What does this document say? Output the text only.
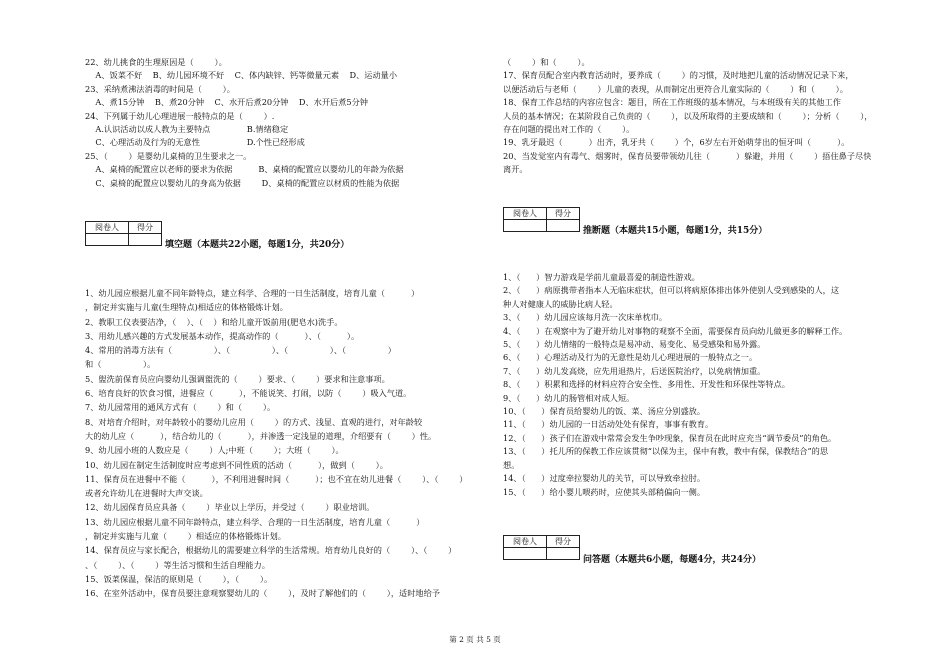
22、幼儿挑食的生理原因是（        ）。
A、饭菜不好    B、幼儿园环境不好    C、体内缺锌、钙等微量元素    D、运动量小
23、采纳煮沸法消毒的时间是（        ）。
A、煮15分钟    B、煮20分钟    C、水开后煮20分钟    D、水开后煮5分钟
24、下列属于幼儿心理进展一般特点的是（        ）.
A.认识活动以成人教为主要特点              B.情绪稳定
C、心理活动及行为的无意性                  D.个性已经形成
25、（        ）是婴幼儿桌椅的卫生要求之一。
A、桌椅的配置应以老师的要求为依据          B、桌椅的配置应以婴幼儿的年龄为依据
C、桌椅的配置应以婴幼儿的身高为依据        D、桌椅的配置应以材质的性能为依据
阅卷人	得分

填空题（本题共22小题，每题1分，共20分）
1、幼儿园应根据儿童不同年龄特点，建立科学、合理的一日生活制度，培育儿童（          ）
，制定并实施与儿童(生理特点)相适应的体格锻炼计划。
2、教职工仪表要洁净，（    ）、（    ）和给儿童开饭前用(肥皂水)洗手。
3、用幼儿感兴趣的方式发展基本动作，提高动作的（          ）、（          ）。
4、常用的消毒方法有（                ）、（                ）、（                ）、（                ）
和（                ）。
5、盥洗前保育员应向婴幼儿强调盥洗的（        ）要求、（        ）要求和注意事项。
6、培育良好的饮食习惯，进餐应（          ），不能说笑、打闹，以防（        ）吸入气道。
7、幼儿园常用的通风方式有（        ）和（        ）。
8、对培育介绍时，对年龄较小的婴幼儿应用（        ）的方式、浅显、直观的进行，对年龄较
大的幼儿应（          ），结合幼儿的（          ），并渗透一定浅显的道理，介绍要有（        ）性。
9、幼儿园小班的人数应是（        ）人;中班（        ）；大班（        ）。
10、幼儿园在制定生活制度时应考虑到不同性质的活动（          ），做到（        ）。
11、保育员在进餐中不能（          ），不利用进餐时间（          ）；也不宜在幼儿进餐（        ）、（        ）
或者允许幼儿在进餐时大声交谈。
12、幼儿园保育员应具备（        ）毕业以上学历，并受过（        ）职业培训。
13、幼儿园应根据儿童不同年龄特点，建立科学、合理的一日生活制度，培育儿童（          ）
，制定并实施与儿童（        ）相适应的体格锻炼计划。
14、保育员应与家长配合，根据幼儿的需要建立科学的生活常规。培育幼儿良好的（        ）、（        ）
、（        ）、（        ）等生活习惯和生活自理能力。
15、饭菜保温，保洁的原则是（        ），（        ）。
16、在室外活动中，保育员要注意观察婴幼儿的（        ），及时了解他们的（        ），适时地给予
（        ）和（        ）。
17、保育员配合室内教育活动时，要养成（        ）的习惯，及时地把儿童的活动情况记录下来，
以便活动后与老师（        ）儿童的表现，从而制定出更符合儿童实际的（        ）和（        ）。
18、保育工作总结的内容应包含：题目，所在工作班级的基本情况，与本班级有关的其他工作
人员的基本情况；在某阶段自己负责的（        ），以及所取得的主要成绩和（        ）；分析（        ），
存在问题的提出对工作的（        ）。
19、乳牙最迟（          ）出齐，乳牙共（        ）个，6岁左右开始萌芽出的恒牙叫（          ）。
20、当发觉室内有毒气、烟雾时，保育员要带领幼儿往（          ）躲避，并用（        ）捂住鼻子尽快
离开。
阅卷人	得分

推断题（本题共15小题，每题1分，共15分）
1、（      ）智力游戏是学前儿童最喜爱的制造性游戏。
2、（      ）病原携带者指本人无临床症状，但可以将病原体排出体外使别人受到感染的人，这
种人对健康人的威胁比病人轻。
3、（      ）幼儿园应该每月洗一次床单枕巾。
4、（      ）在观察中为了避开幼儿对事物的观察不全面，需要保育员向幼儿做更多的解释工作。
5、（      ）幼儿情绪的一般特点是易冲动、易变化、易受感染和易外露。
6、（      ）心理活动及行为的无意性是幼儿心理进展的一般特点之一。
7、（      ）幼儿发高烧，应先用退热片，后送医院治疗，以免病情加重。
8、（      ）积累和选择的材料应符合安全性、多用性、开发性和环保性等特点。
9、（      ）幼儿的肠管相对成人短。
10、（      ）保育员给婴幼儿的饭、菜、汤应分别盛放。
11、（      ）幼儿园的一日活动处处有保育，事事有教育。
12、（      ）孩子们在游戏中常常会发生争吵现象，保育员在此时应充当“调节委员”的角色。
13、（      ）托儿所的保教工作应该贯彻“以保为主，保中有教，教中有保，保教结合”的思
想。
14、（      ）过度牵拉婴幼儿的关节，可以导致牵拉肘。
15、（      ）给小婴儿喂药时，应使其头部稍偏向一侧。
阅卷人	得分

问答题（本题共6小题，每题4分，共24分）
第 2 页 共 5 页
